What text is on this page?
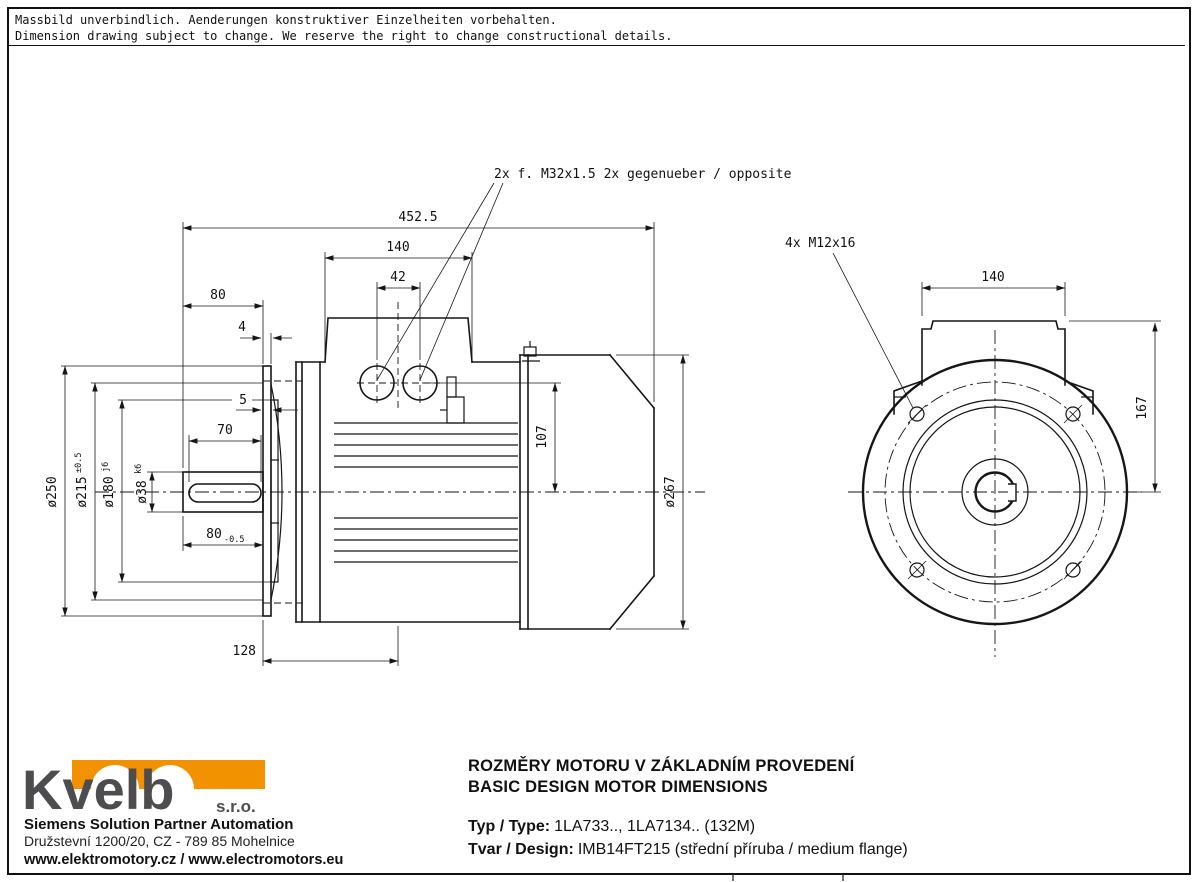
Massbild unverbindlich. Aenderungen konstruktiver Einzelheiten vorbehalten.
Dimension drawing subject to change. We reserve the right to change constructional details.
452.5
140
42
80
4
5
70
ø38
k6
ø180
j6
ø215
±0.5
ø250
80 -0.5
107
ø267
128
2x f. M32x1.5 2x gegenueber / opposite
140
167
4x M12x16
Kvelb s.r.o.
Siemens Solution Partner Automation
Družstevní 1200/20, CZ - 789 85 Mohelnice
www.elektromotory.cz / www.electromotors.eu
ROZMĚRY MOTORU V ZÁKLADNÍM PROVEDENÍ
BASIC DESIGN MOTOR DIMENSIONS
Typ / Type: 1LA733.., 1LA7134.. (132M)
Tvar / Design: IMB14FT215 (střední příruba / medium flange)
